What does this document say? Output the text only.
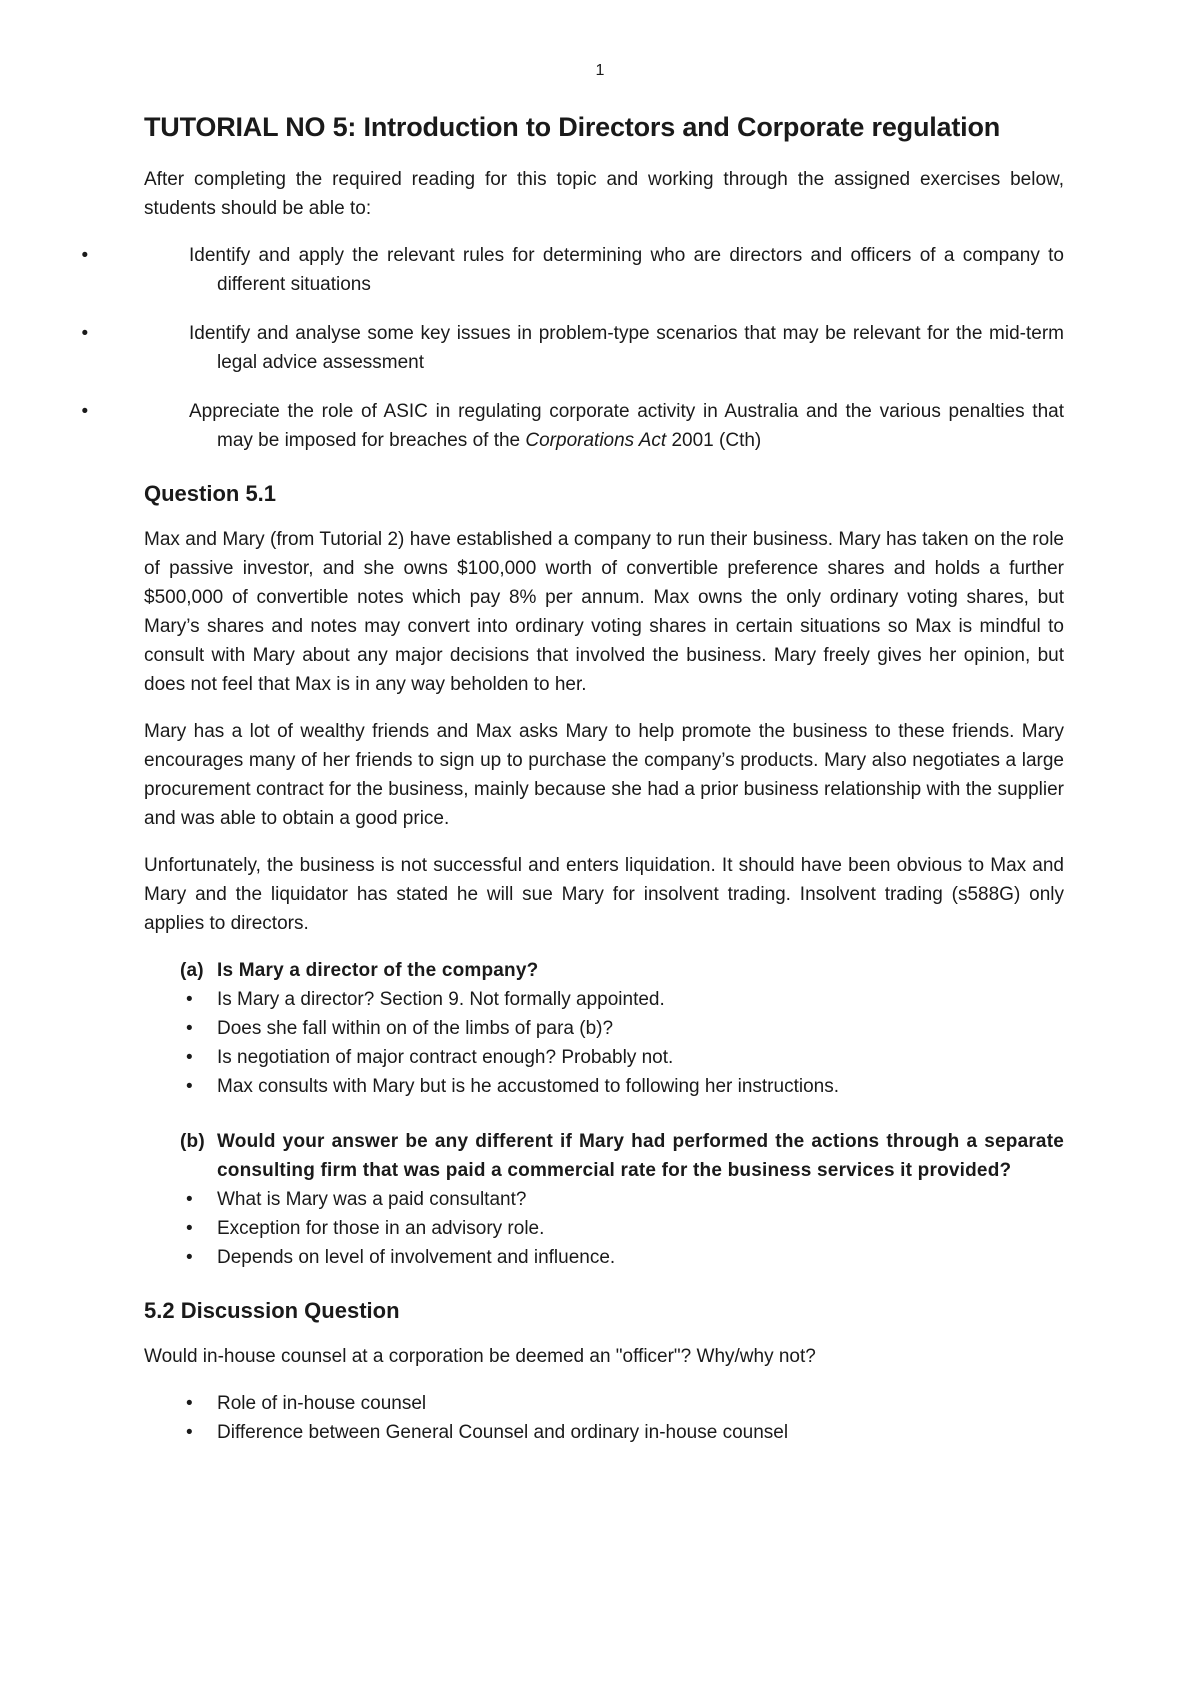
1
TUTORIAL NO 5: Introduction to Directors and Corporate regulation

After completing the required reading for this topic and working through the assigned exercises below, students should be able to:

•	Identify and apply the relevant rules for determining who are directors and officers of a company to different situations
•	Identify and analyse some key issues in problem-type scenarios that may be relevant for the mid-term legal advice assessment
•	Appreciate the role of ASIC in regulating corporate activity in Australia and the various penalties that may be imposed for breaches of the Corporations Act 2001 (Cth)
Question 5.1

Max and Mary (from Tutorial 2) have established a company to run their business. Mary has taken on the role of passive investor, and she owns $100,000 worth of convertible preference shares and holds a further $500,000 of convertible notes which pay 8% per annum. Max owns the only ordinary voting shares, but Mary’s shares and notes may convert into ordinary voting shares in certain situations so Max is mindful to consult with Mary about any major decisions that involved the business. Mary freely gives her opinion, but does not feel that Max is in any way beholden to her.

Mary has a lot of wealthy friends and Max asks Mary to help promote the business to these friends. Mary encourages many of her friends to sign up to purchase the company’s products. Mary also negotiates a large procurement contract for the business, mainly because she had a prior business relationship with the supplier and was able to obtain a good price.

Unfortunately, the business is not successful and enters liquidation. It should have been obvious to Max and Mary and the liquidator has stated he will sue Mary for insolvent trading. Insolvent trading (s588G) only applies to directors.

(a) Is Mary a director of the company?
• Is Mary a director? Section 9. Not formally appointed.
• Does she fall within on of the limbs of para (b)?
• Is negotiation of major contract enough? Probably not.
• Max consults with Mary but is he accustomed to following her instructions.
(b) Would your answer be any different if Mary had performed the actions through a separate consulting firm that was paid a commercial rate for the business services it provided?
• What is Mary was a paid consultant?
• Exception for those in an advisory role.
• Depends on level of involvement and influence.
5.2 Discussion Question

Would in-house counsel at a corporation be deemed an "officer"? Why/why not?

• Role of in-house counsel
• Difference between General Counsel and ordinary in-house counsel
